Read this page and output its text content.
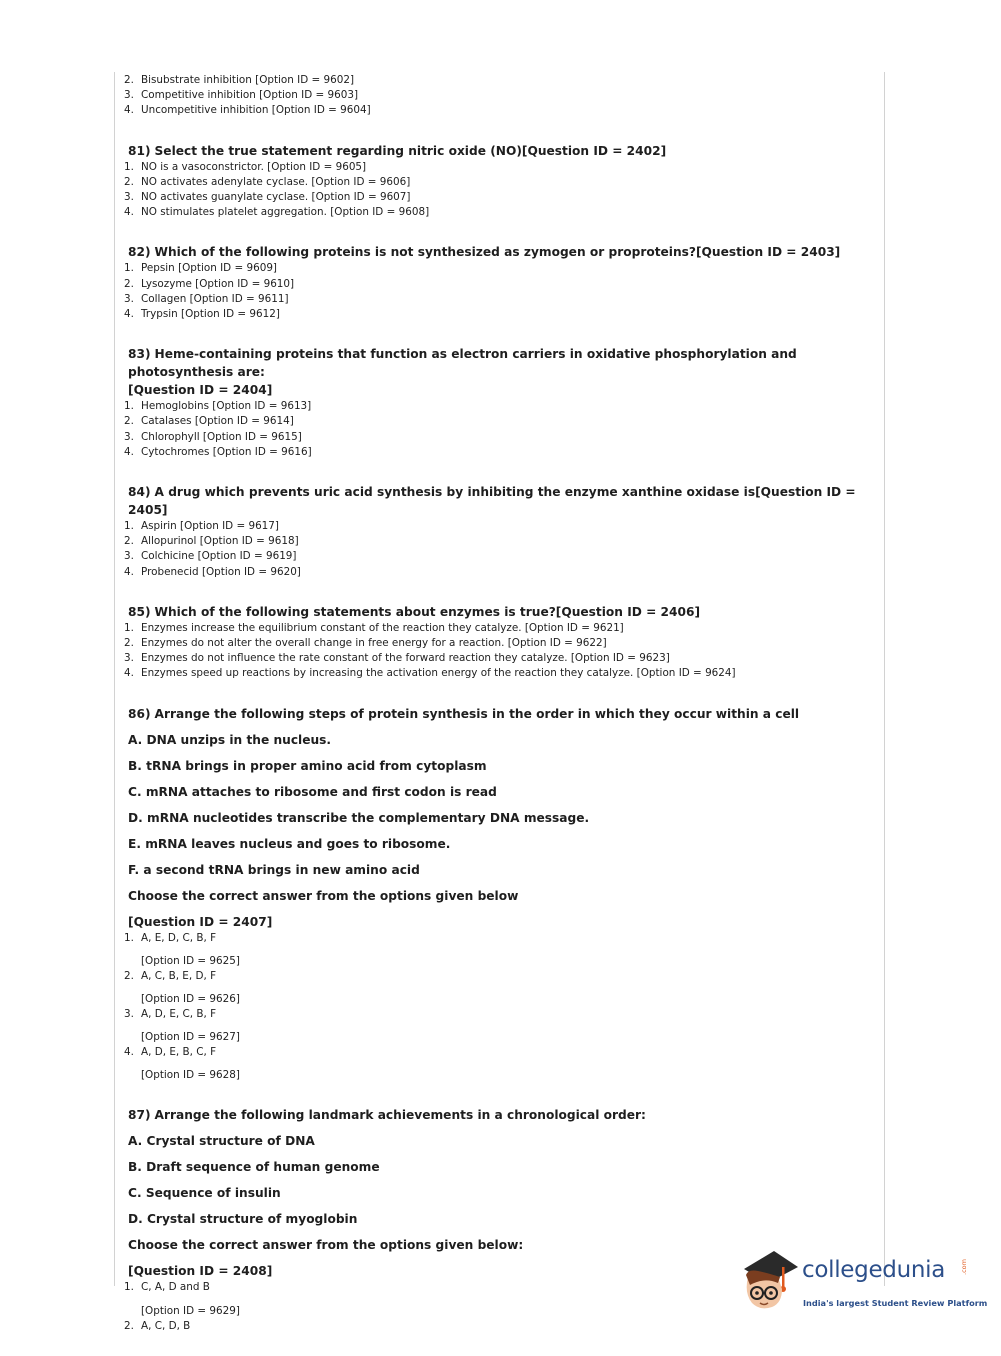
2. Bisubstrate inhibition [Option ID = 9602]
3. Competitive inhibition [Option ID = 9603]
4. Uncompetitive inhibition [Option ID = 9604]
81) Select the true statement regarding nitric oxide (NO)[Question ID = 2402]
1. NO is a vasoconstrictor. [Option ID = 9605]
2. NO activates adenylate cyclase. [Option ID = 9606]
3. NO activates guanylate cyclase. [Option ID = 9607]
4. NO stimulates platelet aggregation. [Option ID = 9608]
82) Which of the following proteins is not synthesized as zymogen or proproteins?[Question ID = 2403]
1. Pepsin [Option ID = 9609]
2. Lysozyme [Option ID = 9610]
3. Collagen [Option ID = 9611]
4. Trypsin [Option ID = 9612]
83) Heme-containing proteins that function as electron carriers in oxidative phosphorylation and photosynthesis are:
[Question ID = 2404]
1. Hemoglobins [Option ID = 9613]
2. Catalases [Option ID = 9614]
3. Chlorophyll [Option ID = 9615]
4. Cytochromes [Option ID = 9616]
84) A drug which prevents uric acid synthesis by inhibiting the enzyme xanthine oxidase is[Question ID = 2405]
1. Aspirin [Option ID = 9617]
2. Allopurinol [Option ID = 9618]
3. Colchicine [Option ID = 9619]
4. Probenecid [Option ID = 9620]
85) Which of the following statements about enzymes is true?[Question ID = 2406]
1. Enzymes increase the equilibrium constant of the reaction they catalyze. [Option ID = 9621]
2. Enzymes do not alter the overall change in free energy for a reaction. [Option ID = 9622]
3. Enzymes do not influence the rate constant of the forward reaction they catalyze. [Option ID = 9623]
4. Enzymes speed up reactions by increasing the activation energy of the reaction they catalyze. [Option ID = 9624]
86) Arrange the following steps of protein synthesis in the order in which they occur within a cell
A. DNA unzips in the nucleus.
B. tRNA brings in proper amino acid from cytoplasm
C. mRNA attaches to ribosome and first codon is read
D. mRNA nucleotides transcribe the complementary DNA message.
E. mRNA leaves nucleus and goes to ribosome.
F. a second tRNA brings in new amino acid
Choose the correct answer from the options given below
[Question ID = 2407]
1. A, E, D, C, B, F
[Option ID = 9625]
2. A, C, B, E, D, F
[Option ID = 9626]
3. A, D, E, C, B, F
[Option ID = 9627]
4. A, D, E, B, C, F
[Option ID = 9628]
87) Arrange the following landmark achievements in a chronological order:
A. Crystal structure of DNA
B. Draft sequence of human genome
C. Sequence of insulin
D. Crystal structure of myoglobin
Choose the correct answer from the options given below:
[Question ID = 2408]
1. C, A, D and B
[Option ID = 9629]
2. A, C, D, B
collegedunia .com
India's largest Student Review Platform
